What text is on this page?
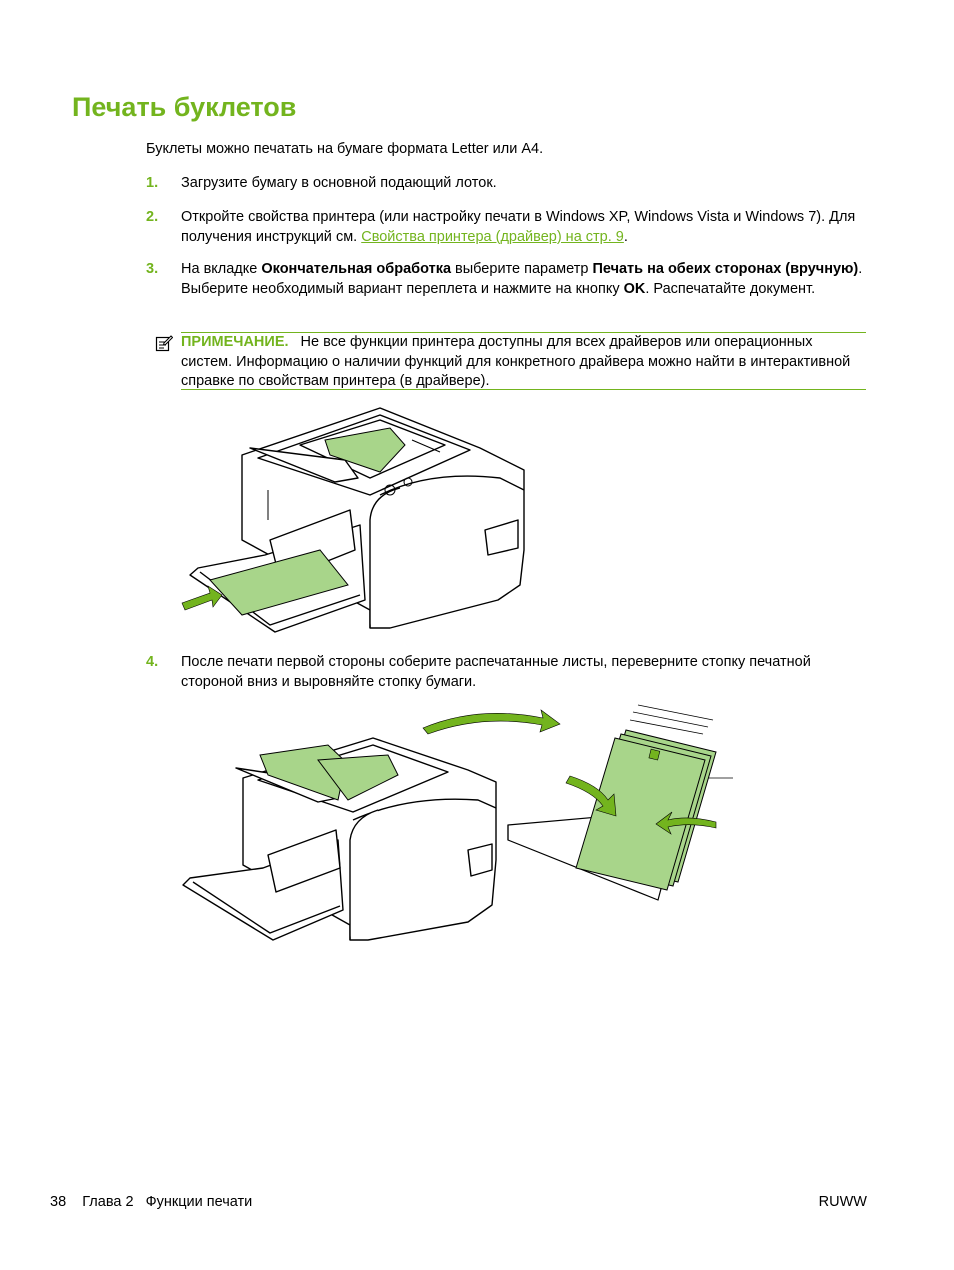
Печать буклетов
Буклеты можно печатать на бумаге формата Letter или A4.
1. Загрузите бумагу в основной подающий лоток.
2. Откройте свойства принтера (или настройку печати в Windows XP, Windows Vista и Windows 7). Для получения инструкций см. Свойства принтера (драйвер) на стр. 9.
3. На вкладке Окончательная обработка выберите параметр Печать на обеих сторонах (вручную). Выберите необходимый вариант переплета и нажмите на кнопку OK. Распечатайте документ.
ПРИМЕЧАНИЕ. Не все функции принтера доступны для всех драйверов или операционных систем. Информацию о наличии функций для конкретного драйвера можно найти в интерактивной справке по свойствам принтера (в драйвере).
4. После печати первой стороны соберите распечатанные листы, переверните стопку печатной стороной вниз и выровняйте стопку бумаги.
38 Глава 2 Функции печати	RUWW
